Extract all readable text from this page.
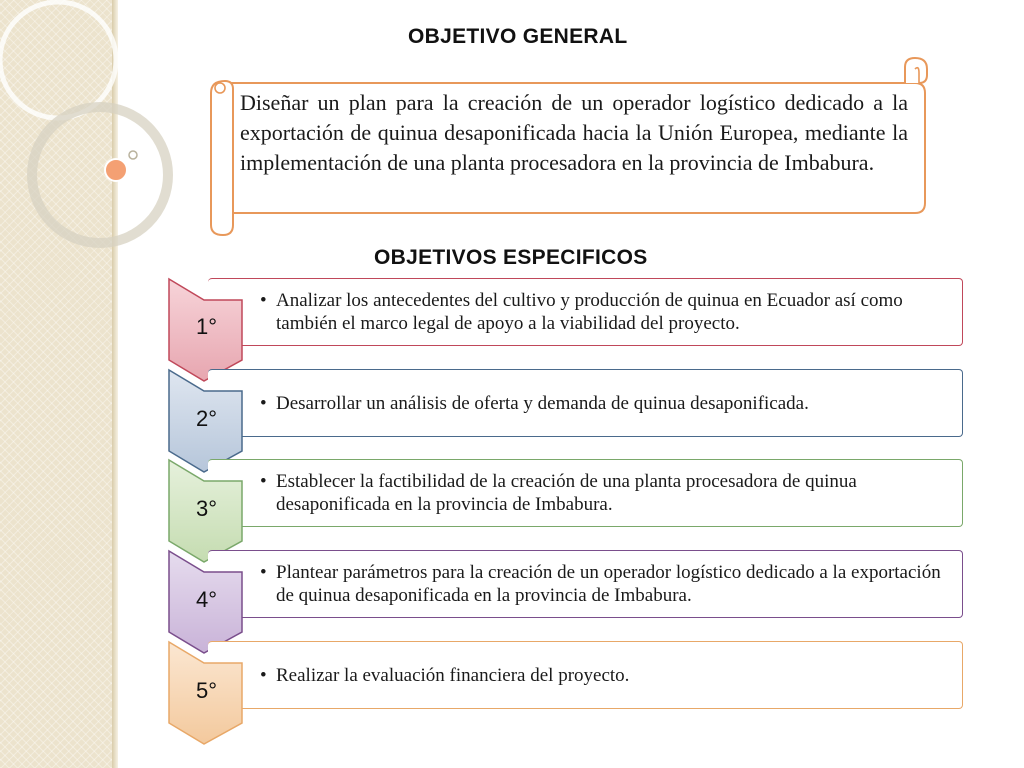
OBJETIVO GENERAL
Diseñar un plan para la creación de un operador logístico dedicado a la exportación de quinua desaponificada hacia la Unión Europea, mediante la implementación de una planta procesadora en la provincia de Imbabura.
OBJETIVOS ESPECIFICOS
1°
• Analizar los antecedentes del cultivo y producción de quinua en Ecuador así como también el marco legal de apoyo a la viabilidad del proyecto.
2°
• Desarrollar un análisis de oferta y demanda de quinua desaponificada.
3°
• Establecer la factibilidad de la creación de una planta procesadora de quinua desaponificada en la provincia de Imbabura.
4°
• Plantear parámetros para la creación de un operador logístico dedicado a la exportación de quinua desaponificada en la provincia de Imbabura.
5°
• Realizar la evaluación financiera del proyecto.
